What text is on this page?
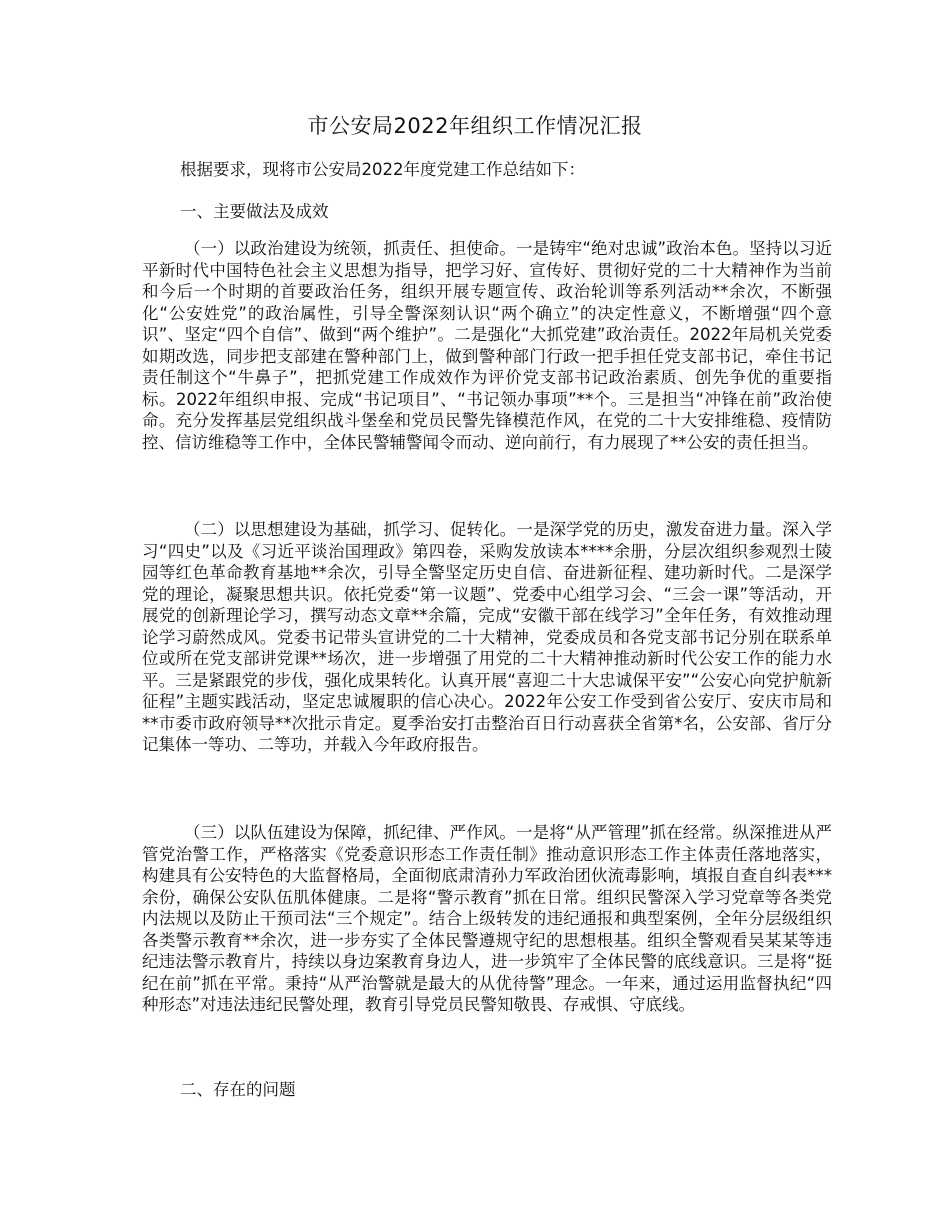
市公安局2022年组织工作情况汇报
根据要求，现将市公安局2022年度党建工作总结如下：
一、主要做法及成效

（一）以政治建设为统领，抓责任、担使命。一是铸牢“绝对忠诚”政治本色。坚持以习近平新时代中国特色社会主义思想为指导，把学习好、宣传好、贯彻好党的二十大精神作为当前和今后一个时期的首要政治任务，组织开展专题宣传、政治轮训等系列活动**余次，不断强化“公安姓党”的政治属性，引导全警深刻认识“两个确立”的决定性意义，不断增强“四个意识”、坚定“四个自信”、做到“两个维护”。二是强化“大抓党建”政治责任。2022年局机关党委如期改选，同步把支部建在警种部门上，做到警种部门行政一把手担任党支部书记，牵住书记责任制这个“牛鼻子”，把抓党建工作成效作为评价党支部书记政治素质、创先争优的重要指标。2022年组织申报、完成“书记项目”、“书记领办事项”**个。三是担当“冲锋在前”政治使命。充分发挥基层党组织战斗堡垒和党员民警先锋模范作风，在党的二十大安排维稳、疫情防控、信访维稳等工作中，全体民警辅警闻令而动、逆向前行，有力展现了**公安的责任担当。

（二）以思想建设为基础，抓学习、促转化。一是深学党的历史，激发奋进力量。深入学习“四史”以及《习近平谈治国理政》第四卷，采购发放读本****余册，分层次组织参观烈士陵园等红色革命教育基地**余次，引导全警坚定历史自信、奋进新征程、建功新时代。二是深学党的理论，凝聚思想共识。依托党委“第一议题”、党委中心组学习会、“三会一课”等活动，开展党的创新理论学习，撰写动态文章**余篇，完成“安徽干部在线学习”全年任务，有效推动理论学习蔚然成风。党委书记带头宣讲党的二十大精神，党委成员和各党支部书记分别在联系单位或所在党支部讲党课**场次，进一步增强了用党的二十大精神推动新时代公安工作的能力水平。三是紧跟党的步伐，强化成果转化。认真开展“喜迎二十大忠诚保平安”“公安心向党护航新征程”主题实践活动，坚定忠诚履职的信心决心。2022年公安工作受到省公安厅、安庆市局和**市委市政府领导**次批示肯定。夏季治安打击整治百日行动喜获全省第*名，公安部、省厅分记集体一等功、二等功，并载入今年政府报告。

（三）以队伍建设为保障，抓纪律、严作风。一是将“从严管理”抓在经常。纵深推进从严管党治警工作，严格落实《党委意识形态工作责任制》推动意识形态工作主体责任落地落实，构建具有公安特色的大监督格局，全面彻底肃清孙力军政治团伙流毒影响，填报自查自纠表***余份，确保公安队伍肌体健康。二是将“警示教育”抓在日常。组织民警深入学习党章等各类党内法规以及防止干预司法“三个规定”。结合上级转发的违纪通报和典型案例，全年分层级组织各类警示教育**余次，进一步夯实了全体民警遵规守纪的思想根基。组织全警观看吴某某等违纪违法警示教育片，持续以身边案教育身边人，进一步筑牢了全体民警的底线意识。三是将“挺纪在前”抓在平常。秉持“从严治警就是最大的从优待警”理念。一年来，通过运用监督执纪“四种形态”对违法违纪民警处理，教育引导党员民警知敬畏、存戒惧、守底线。

二、存在的问题
